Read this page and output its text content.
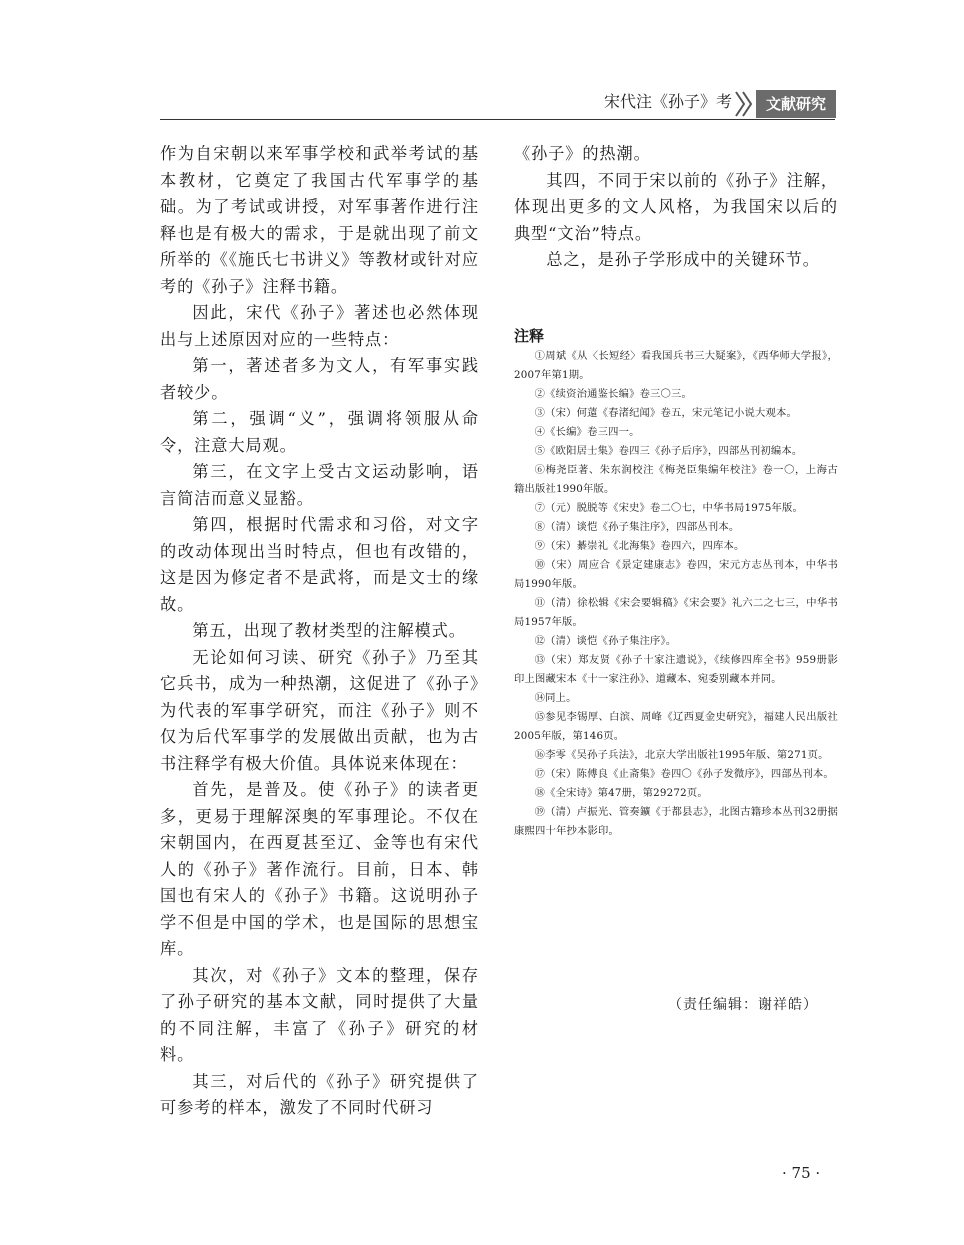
宋代注《孙子》考	文献研究

作为自宋朝以来军事学校和武举考试的基本教材，它奠定了我国古代军事学的基础。为了考试或讲授，对军事著作进行注释也是有极大的需求，于是就出现了前文所举的《《施氏七书讲义》等教材或针对应考的《孙子》注释书籍。

因此，宋代《孙子》著述也必然体现出与上述原因对应的一些特点：

第一，著述者多为文人，有军事实践者较少。

第二，强调“义”，强调将领服从命令，注意大局观。

第三，在文字上受古文运动影响，语言简洁而意义显豁。

第四，根据时代需求和习俗，对文字的改动体现出当时特点，但也有改错的，这是因为修定者不是武将，而是文士的缘故。

第五，出现了教材类型的注解模式。

无论如何习读、研究《孙子》乃至其它兵书，成为一种热潮，这促进了《孙子》为代表的军事学研究，而注《孙子》则不仅为后代军事学的发展做出贡献，也为古书注释学有极大价值。具体说来体现在：

首先，是普及。使《孙子》的读者更多，更易于理解深奥的军事理论。不仅在宋朝国内，在西夏甚至辽、金等也有宋代人的《孙子》著作流行。目前，日本、韩国也有宋人的《孙子》书籍。这说明孙子学不但是中国的学术，也是国际的思想宝库。

其次，对《孙子》文本的整理，保存了孙子研究的基本文献，同时提供了大量的不同注解，丰富了《孙子》研究的材料。

其三，对后代的《孙子》研究提供了可参考的样本，激发了不同时代研习

《孙子》的热潮。

其四，不同于宋以前的《孙子》注解，体现出更多的文人风格，为我国宋以后的典型“文治”特点。

总之，是孙子学形成中的关键环节。

注释

①周斌《从〈长短经〉看我国兵书三大疑案》，《西华师大学报》，2007年第1期。

②《续资治通鉴长编》卷三〇三。

③（宋）何薳《春渚纪闻》卷五，宋元笔记小说大观本。

④《长编》卷三四一。

⑤《欧阳居士集》卷四三《孙子后序》，四部丛刊初编本。

⑥梅尧臣著、朱东润校注《梅尧臣集编年校注》卷一〇，上海古籍出版社1990年版。

⑦（元）脱脱等《宋史》卷二〇七，中华书局1975年版。

⑧（清）谈恺《孙子集注序》，四部丛刊本。

⑨（宋）綦崇礼《北海集》卷四六，四库本。

⑩（宋）周应合《景定建康志》卷四，宋元方志丛刊本，中华书局1990年版。

⑪（清）徐松辑《宋会要辑稿》《宋会要》礼六二之七三，中华书局1957年版。

⑫（清）谈恺《孙子集注序》。

⑬（宋）郑友贤《孙子十家注遗说》，《续修四库全书》959册影印上图藏宋本《十一家注孙》、道藏本、宛委别藏本并同。

⑭同上。

⑮参见李锡厚、白滨、周峰《辽西夏金史研究》，福建人民出版社2005年版，第146页。

⑯李零《吴孙子兵法》，北京大学出版社1995年版、第271页。

⑰（宋）陈傅良《止斋集》卷四〇《孙子发微序》，四部丛刊本。

⑱《全宋诗》第47册，第29272页。

⑲（清）卢振光、管奏鑛《于都县志》，北图古籍珍本丛刊32册据康熙四十年抄本影印。

（责任编辑：谢祥皓）
· 75 ·
